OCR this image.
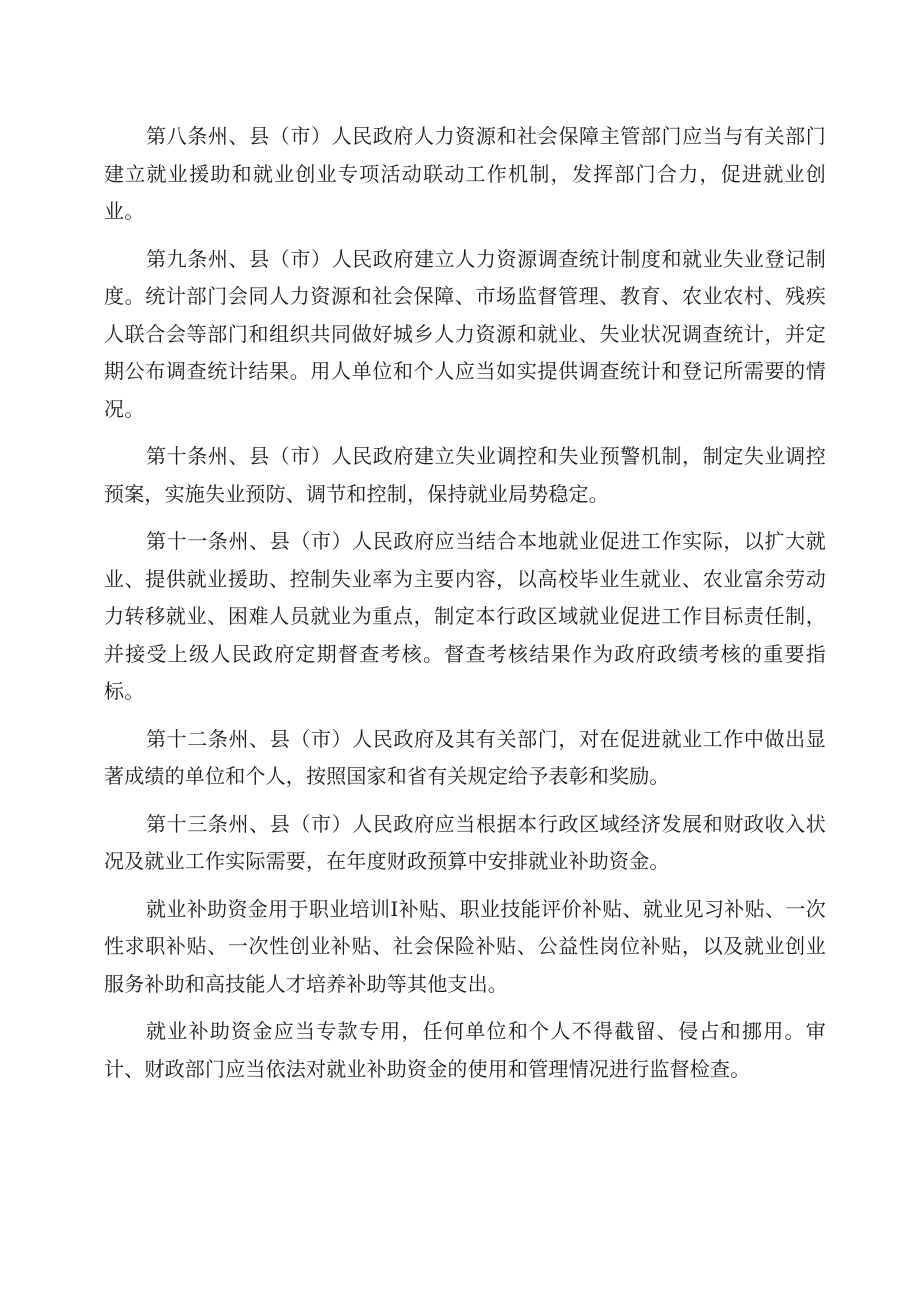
第八条州、县（市）人民政府人力资源和社会保障主管部门应当与有关部门建立就业援助和就业创业专项活动联动工作机制，发挥部门合力，促进就业创业。

第九条州、县（市）人民政府建立人力资源调查统计制度和就业失业登记制度。统计部门会同人力资源和社会保障、市场监督管理、教育、农业农村、残疾人联合会等部门和组织共同做好城乡人力资源和就业、失业状况调查统计，并定期公布调查统计结果。用人单位和个人应当如实提供调查统计和登记所需要的情况。

第十条州、县（市）人民政府建立失业调控和失业预警机制，制定失业调控预案，实施失业预防、调节和控制，保持就业局势稳定。

第十一条州、县（市）人民政府应当结合本地就业促进工作实际，以扩大就业、提供就业援助、控制失业率为主要内容，以高校毕业生就业、农业富余劳动力转移就业、困难人员就业为重点，制定本行政区域就业促进工作目标责任制，并接受上级人民政府定期督查考核。督查考核结果作为政府政绩考核的重要指标。

第十二条州、县（市）人民政府及其有关部门，对在促进就业工作中做出显著成绩的单位和个人，按照国家和省有关规定给予表彰和奖励。

第十三条州、县（市）人民政府应当根据本行政区域经济发展和财政收入状况及就业工作实际需要，在年度财政预算中安排就业补助资金。

就业补助资金用于职业培训I补贴、职业技能评价补贴、就业见习补贴、一次性求职补贴、一次性创业补贴、社会保险补贴、公益性岗位补贴，以及就业创业服务补助和高技能人才培养补助等其他支出。

就业补助资金应当专款专用，任何单位和个人不得截留、侵占和挪用。审计、财政部门应当依法对就业补助资金的使用和管理情况进行监督检查。
